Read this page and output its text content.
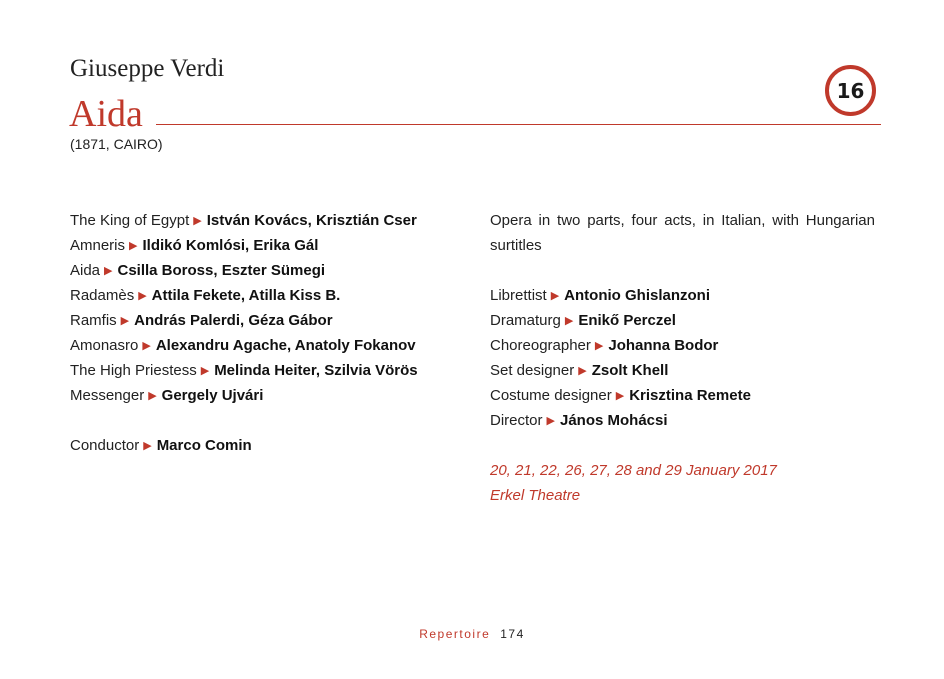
Giuseppe Verdi
Aida
16
(1871, CAIRO)
The King of Egypt ▶ István Kovács, Krisztián Cser
Amneris ▶ Ildikó Komlósi, Erika Gál
Aida ▶ Csilla Boross, Eszter Sümegi
Radamès ▶ Attila Fekete, Atilla Kiss B.
Ramfis ▶ András Palerdi, Géza Gábor
Amonasro ▶ Alexandru Agache, Anatoly Fokanov
The High Priestess ▶ Melinda Heiter, Szilvia Vörös
Messenger ▶ Gergely Ujvári
Conductor ▶ Marco Comin
Opera in two parts, four acts, in Italian, with Hungarian surtitles
Librettist ▶ Antonio Ghislanzoni
Dramaturg ▶ Enikő Perczel
Choreographer ▶ Johanna Bodor
Set designer ▶ Zsolt Khell
Costume designer ▶ Krisztina Remete
Director ▶ János Mohácsi
20, 21, 22, 26, 27, 28 and 29 January 2017
Erkel Theatre
Repertoire 174
